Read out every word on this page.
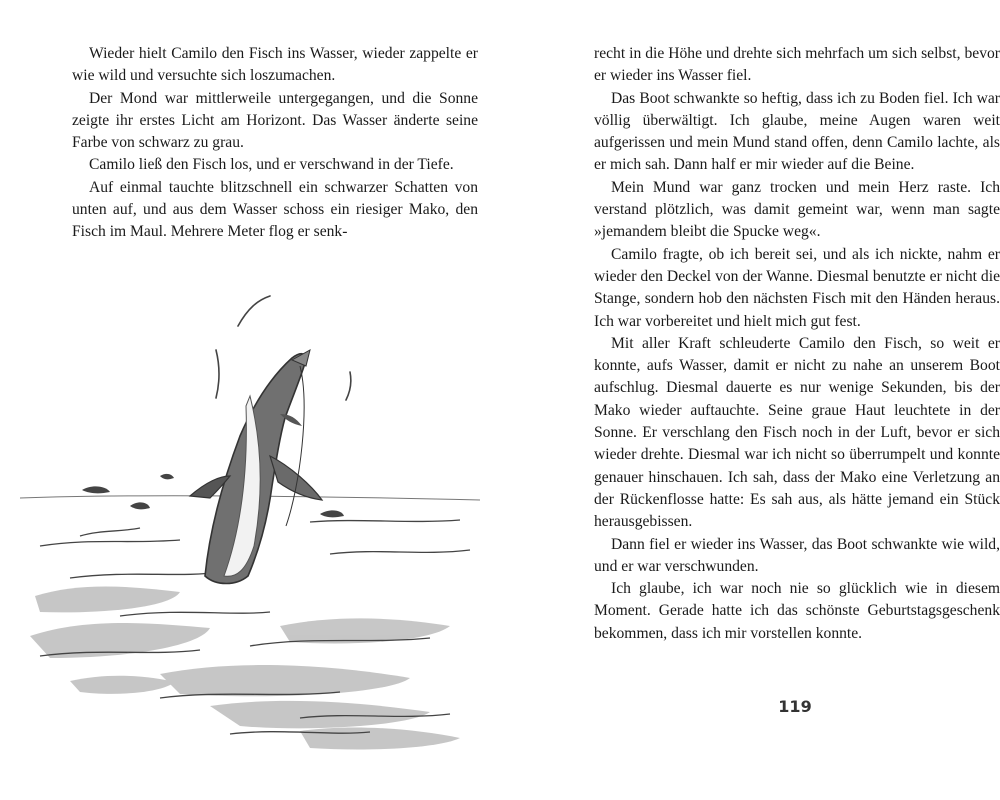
Wieder hielt Camilo den Fisch ins Wasser, wieder zappelte er wie wild und versuchte sich loszumachen.

Der Mond war mittlerweile untergegangen, und die Sonne zeigte ihr erstes Licht am Horizont. Das Wasser änderte seine Farbe von schwarz zu grau.

Camilo ließ den Fisch los, und er verschwand in der Tiefe.

Auf einmal tauchte blitzschnell ein schwarzer Schatten von unten auf, und aus dem Wasser schoss ein riesiger Mako, den Fisch im Maul. Mehrere Meter flog er senk-

recht in die Höhe und drehte sich mehrfach um sich selbst, bevor er wieder ins Wasser fiel.

Das Boot schwankte so heftig, dass ich zu Boden fiel. Ich war völlig überwältigt. Ich glaube, meine Augen waren weit aufgerissen und mein Mund stand offen, denn Camilo lachte, als er mich sah. Dann half er mir wieder auf die Beine.

Mein Mund war ganz trocken und mein Herz raste. Ich verstand plötzlich, was damit gemeint war, wenn man sagte »jemandem bleibt die Spucke weg«.

Camilo fragte, ob ich bereit sei, und als ich nickte, nahm er wieder den Deckel von der Wanne. Diesmal benutzte er nicht die Stange, sondern hob den nächsten Fisch mit den Händen heraus. Ich war vorbereitet und hielt mich gut fest.

Mit aller Kraft schleuderte Camilo den Fisch, so weit er konnte, aufs Wasser, damit er nicht zu nahe an unserem Boot aufschlug. Diesmal dauerte es nur wenige Sekunden, bis der Mako wieder auftauchte. Seine graue Haut leuchtete in der Sonne. Er verschlang den Fisch noch in der Luft, bevor er sich wieder drehte. Diesmal war ich nicht so überrumpelt und konnte genauer hinschauen. Ich sah, dass der Mako eine Verletzung an der Rückenflosse hatte: Es sah aus, als hätte jemand ein Stück herausgebissen.

Dann fiel er wieder ins Wasser, das Boot schwankte wie wild, und er war verschwunden.

Ich glaube, ich war noch nie so glücklich wie in diesem Moment. Gerade hatte ich das schönste Geburtstagsgeschenk bekommen, dass ich mir vorstellen konnte.

119
